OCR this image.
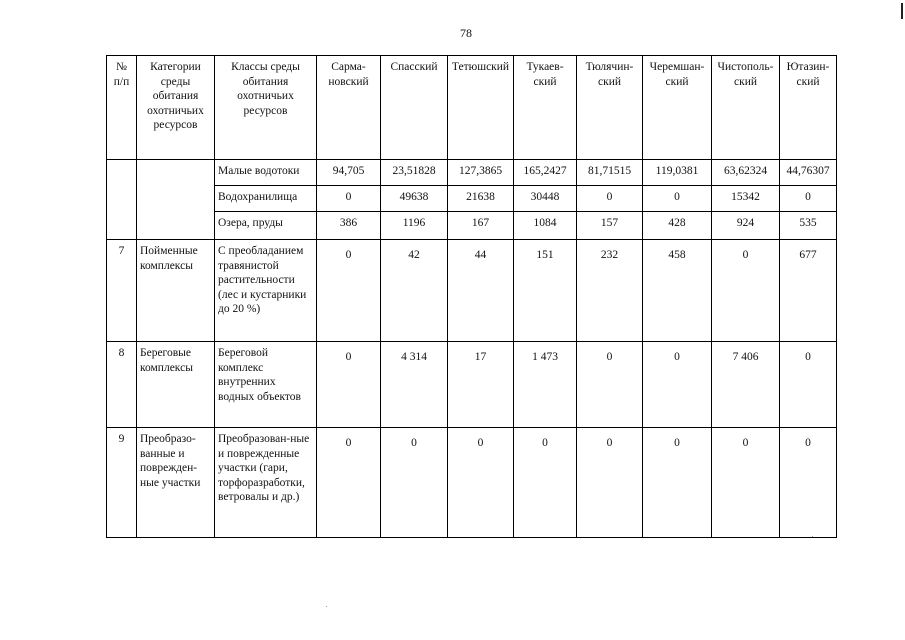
78
№ п/п	Категории среды обитания охотничьих ресурсов	Классы среды обитания охотничьих ресурсов	Сарма-новский	Спасский	Тетюшский	Тукаев-ский	Тюлячин-ский	Черемшан-ский	Чистополь-ский	Ютазин-ский
		Малые водотоки	94,705	23,51828	127,3865	165,2427	81,71515	119,0381	63,62324	44,76307
		Водохранилища	0	49638	21638	30448	0	0	15342	0
		Озера, пруды	386	1196	167	1084	157	428	924	535
7	Пойменные комплексы	С преобладанием травянистой растительности (лес и кустарники до 20 %)	0	42	44	151	232	458	0	677
8	Береговые комплексы	Береговой комплекс внутренних водных объектов	0	4 314	17	1 473	0	0	7 406	0
9	Преобразо-ванные и поврежден-ные участки	Преобразован-ные и поврежденные участки (гари, торфоразработки, ветровалы и др.)	0	0	0	0	0	0	0	0
